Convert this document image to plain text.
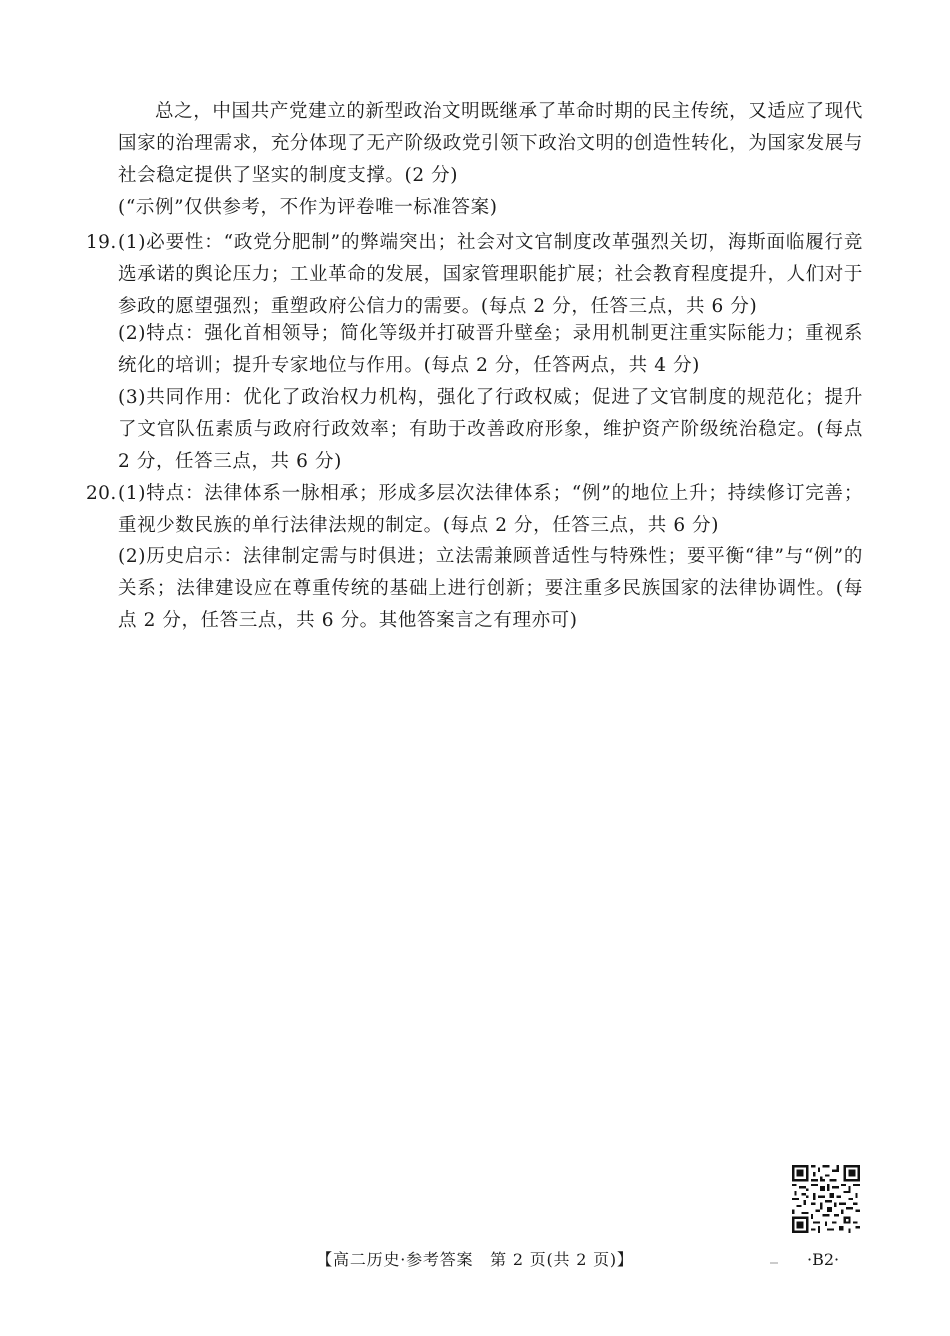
总之，中国共产党建立的新型政治文明既继承了革命时期的民主传统，又适应了现代国家的治理需求，充分体现了无产阶级政党引领下政治文明的创造性转化，为国家发展与社会稳定提供了坚实的制度支撑。(2 分)

(“示例”仅供参考，不作为评卷唯一标准答案)

19. (1)必要性：“政党分肥制”的弊端突出；社会对文官制度改革强烈关切，海斯面临履行竞选承诺的舆论压力；工业革命的发展，国家管理职能扩展；社会教育程度提升，人们对于参政的愿望强烈；重塑政府公信力的需要。(每点 2 分，任答三点，共 6 分)

(2)特点：强化首相领导；简化等级并打破晋升壁垒；录用机制更注重实际能力；重视系统化的培训；提升专家地位与作用。(每点 2 分，任答两点，共 4 分)

(3)共同作用：优化了政治权力机构，强化了行政权威；促进了文官制度的规范化；提升了文官队伍素质与政府行政效率；有助于改善政府形象，维护资产阶级统治稳定。(每点 2 分，任答三点，共 6 分)

20. (1)特点：法律体系一脉相承；形成多层次法律体系；“例”的地位上升；持续修订完善；重视少数民族的单行法律法规的制定。(每点 2 分，任答三点，共 6 分)

(2)历史启示：法律制定需与时俱进；立法需兼顾普适性与特殊性；要平衡“律”与“例”的关系；法律建设应在尊重传统的基础上进行创新；要注重多民族国家的法律协调性。(每点 2 分，任答三点，共 6 分。其他答案言之有理亦可)

【高二历史·参考答案　第 2 页(共 2 页)】	·B2·
